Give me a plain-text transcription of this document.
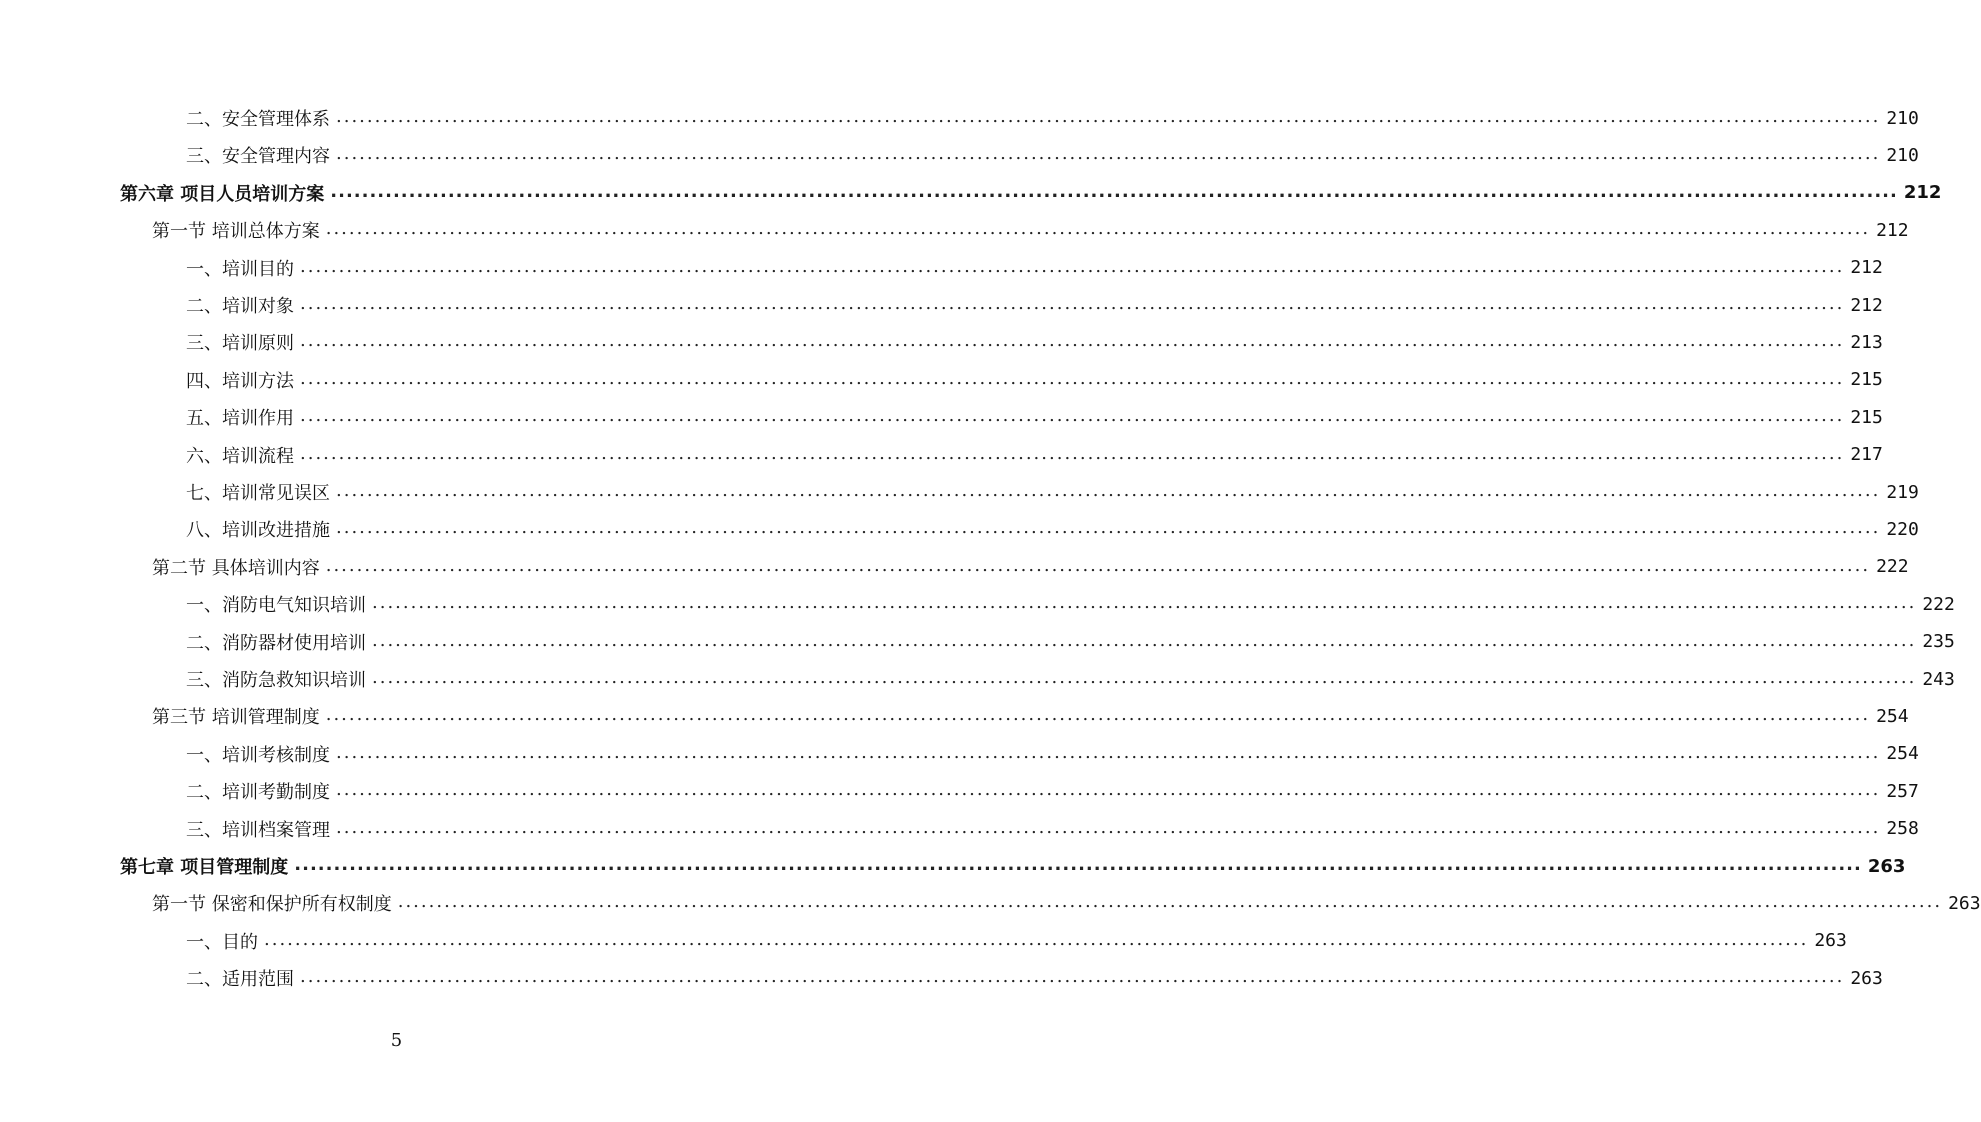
二、安全管理体系 ........................................................................................................................................................................................................ 210
三、安全管理内容 ........................................................................................................................................................................................................ 210
第六章 项目人员培训方案 ........................................................................................................................................................................................................ 212
第一节 培训总体方案 ........................................................................................................................................................................................................ 212
一、培训目的 ........................................................................................................................................................................................................ 212
二、培训对象 ........................................................................................................................................................................................................ 212
三、培训原则 ........................................................................................................................................................................................................ 213
四、培训方法 ........................................................................................................................................................................................................ 215
五、培训作用 ........................................................................................................................................................................................................ 215
六、培训流程 ........................................................................................................................................................................................................ 217
七、培训常见误区 ........................................................................................................................................................................................................ 219
八、培训改进措施 ........................................................................................................................................................................................................ 220
第二节 具体培训内容 ........................................................................................................................................................................................................ 222
一、消防电气知识培训 ........................................................................................................................................................................................................ 222
二、消防器材使用培训 ........................................................................................................................................................................................................ 235
三、消防急救知识培训 ........................................................................................................................................................................................................ 243
第三节 培训管理制度 ........................................................................................................................................................................................................ 254
一、培训考核制度 ........................................................................................................................................................................................................ 254
二、培训考勤制度 ........................................................................................................................................................................................................ 257
三、培训档案管理 ........................................................................................................................................................................................................ 258
第七章 项目管理制度 ........................................................................................................................................................................................................ 263
第一节 保密和保护所有权制度 ........................................................................................................................................................................................................ 263
一、目的 ........................................................................................................................................................................................................ 263
二、适用范围 ........................................................................................................................................................................................................ 263
5
